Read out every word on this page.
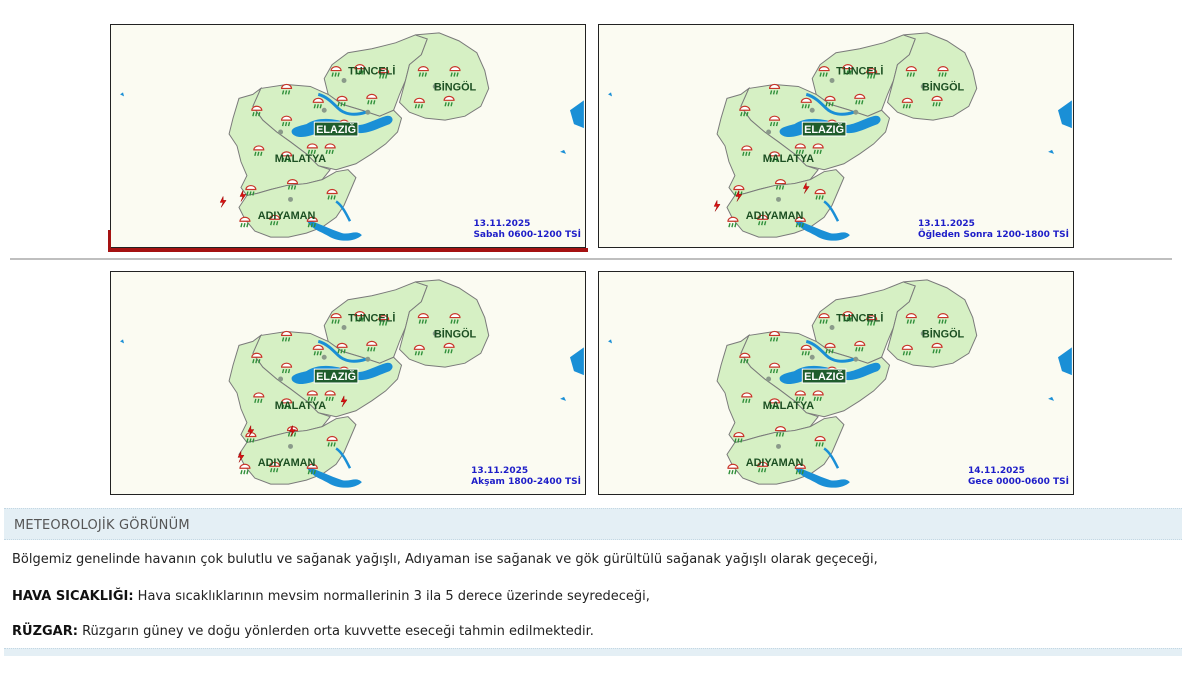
TUNCELİ
BİNGÖL
ELAZIĞ
MALATYA
ADIYAMAN
13.11.2025
Sabah 0600-1200 TSİ
TUNCELİ
BİNGÖL
ELAZIĞ
MALATYA
ADIYAMAN
13.11.2025
Öğleden Sonra 1200-1800 TSİ
TUNCELİ
BİNGÖL
ELAZIĞ
MALATYA
ADIYAMAN
13.11.2025
Akşam 1800-2400 TSİ
TUNCELİ
BİNGÖL
ELAZIĞ
MALATYA
ADIYAMAN
14.11.2025
Gece 0000-0600 TSİ
METEOROLOJİK GÖRÜNÜM
Bölgemiz genelinde havanın çok bulutlu ve sağanak yağışlı, Adıyaman ise sağanak ve gök gürültülü sağanak yağışlı olarak geçeceği,
HAVA SICAKLIĞI: Hava sıcaklıklarının mevsim normallerinin 3 ila 5 derece üzerinde seyredeceği,
RÜZGAR: Rüzgarın güney ve doğu yönlerden orta kuvvette eseceği tahmin edilmektedir.
